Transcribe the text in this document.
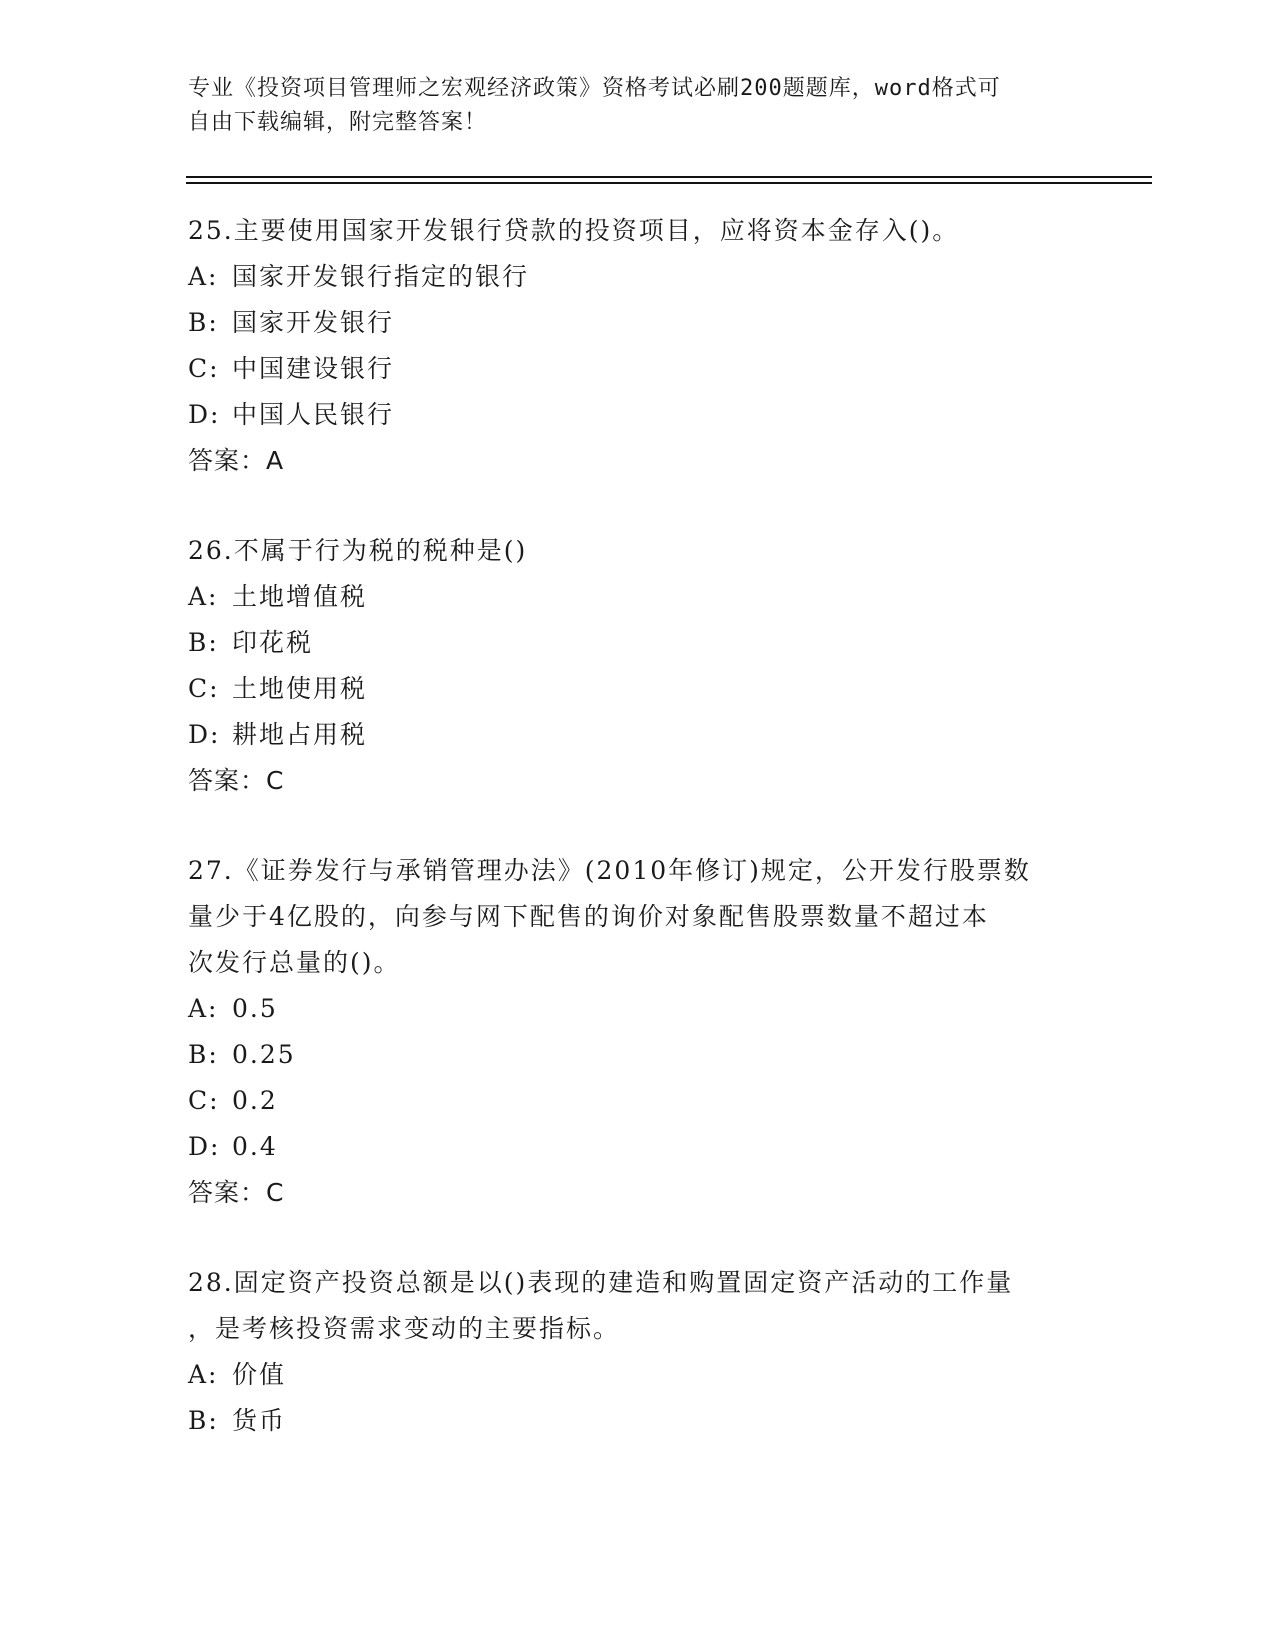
专业《投资项目管理师之宏观经济政策》资格考试必刷200题题库，word格式可
自由下载编辑，附完整答案！
25.主要使用国家开发银行贷款的投资项目，应将资本金存入()。
A: 国家开发银行指定的银行
B: 国家开发银行
C: 中国建设银行
D: 中国人民银行
答案：A
26.不属于行为税的税种是()
A: 土地增值税
B: 印花税
C: 土地使用税
D: 耕地占用税
答案：C
27.《证券发行与承销管理办法》(2010年修订)规定，公开发行股票数
量少于4亿股的，向参与网下配售的询价对象配售股票数量不超过本
次发行总量的()。
A: 0.5
B: 0.25
C: 0.2
D: 0.4
答案：C
28.固定资产投资总额是以()表现的建造和购置固定资产活动的工作量
，是考核投资需求变动的主要指标。
A: 价值
B: 货币
